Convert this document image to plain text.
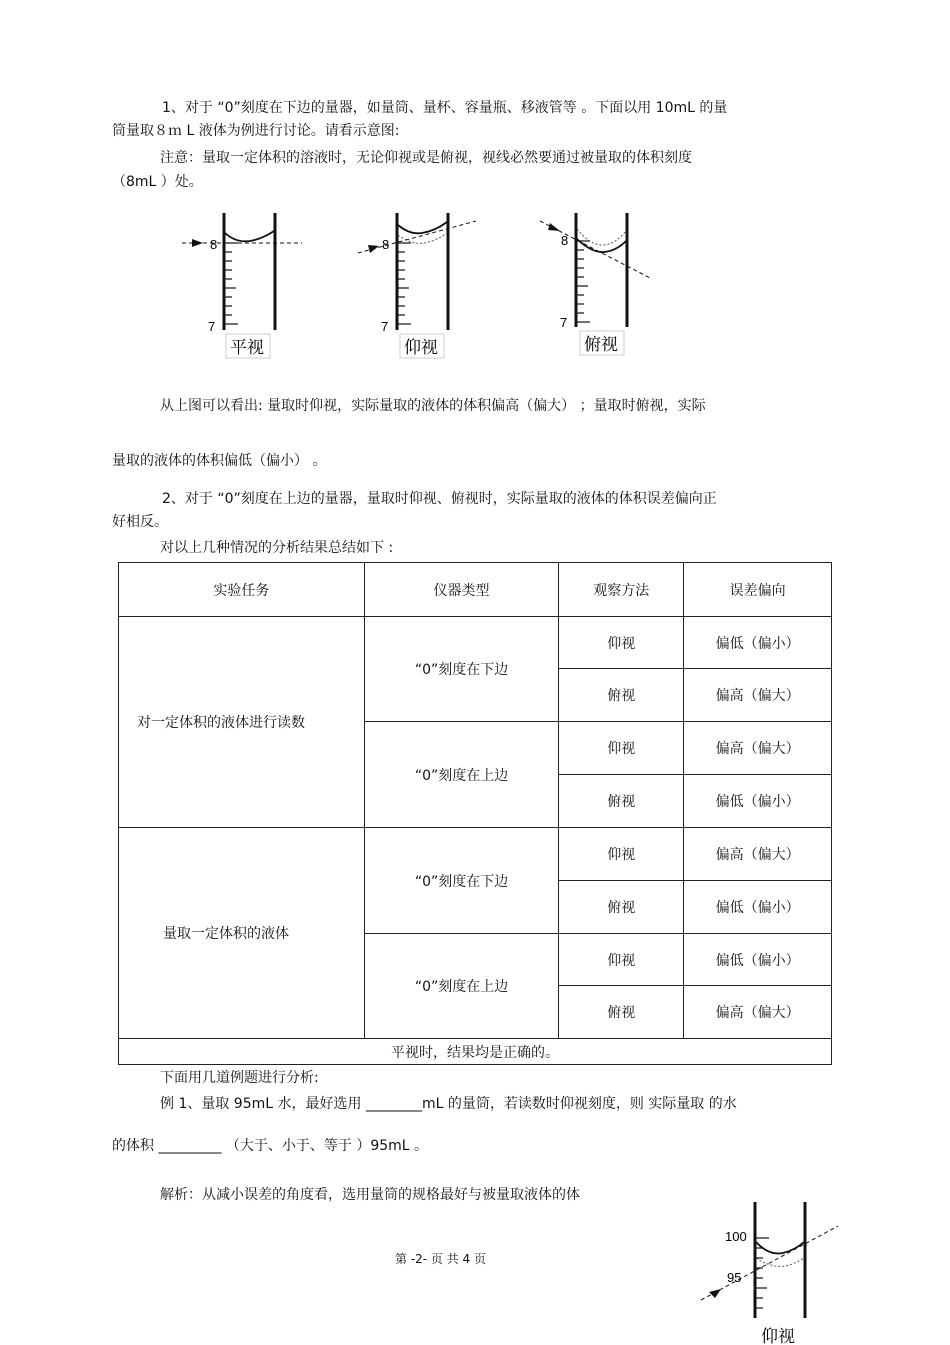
1、对于 “0”刻度在下边的量器，如量筒、量杯、容量瓶、移液管等 。下面以用 10mL 的量
筒量取８ｍ L 液体为例进行讨论。请看示意图:
注意：量取一定体积的溶液时，无论仰视或是俯视，视线必然要通过被量取的体积刻度
（8mL ）处。
8
7
平视
8
7
仰视
8
7
俯视
从上图可以看出: 量取时仰视，实际量取的液体的体积偏高（偏大） ；量取时俯视，实际
量取的液体的体积偏低（偏小） 。
2、对于 “0”刻度在上边的量器，量取时仰视、俯视时，实际量取的液体的体积误差偏向正
好相反。
对以上几种情况的分析结果总结如下 :
实验任务	仪器类型	观察方法	误差偏向
对一定体积的液体进行读数	“0”刻度在下边	仰视	偏低（偏小）
		俯视	偏高（偏大）
	“0”刻度在上边	仰视	偏高（偏大）
		俯视	偏低（偏小）
量取一定体积的液体	“0”刻度在下边	仰视	偏高（偏大）
		俯视	偏低（偏小）
	“0”刻度在上边	仰视	偏低（偏小）
		俯视	偏高（偏大）
平视时，结果均是正确的。			
下面用几道例题进行分析:
例 1、量取 95mL 水，最好选用 ________mL 的量筒，若读数时仰视刻度，则 实际量取 的水
的体积 _________ （大于、小于、等于 ）95mL 。
解析：从减小误差的角度看，选用量筒的规格最好与被量取液体的体
第 -2- 页 共 4 页
100
95
仰视
